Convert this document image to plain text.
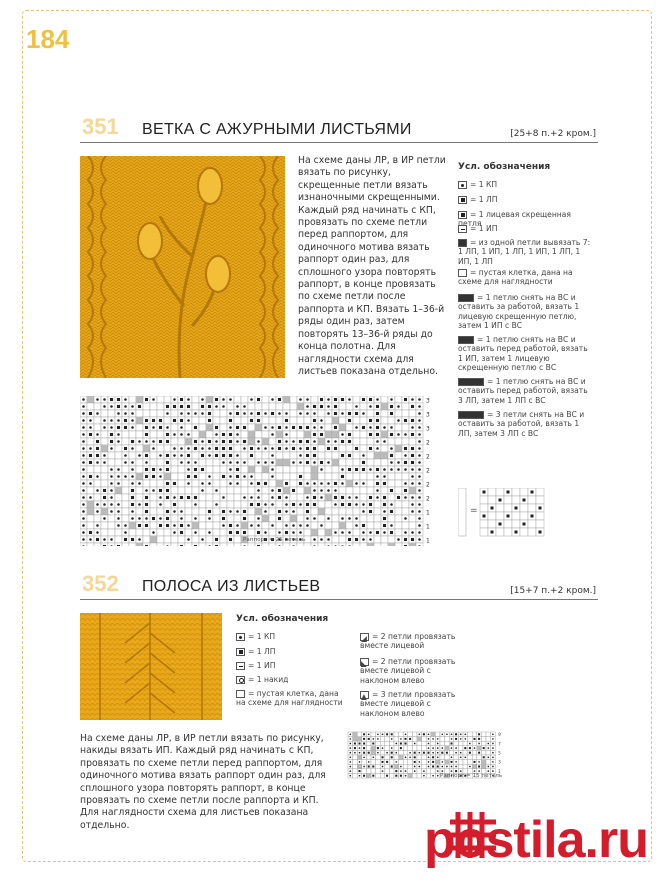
184
351 ВЕТКА С АЖУРНЫМИ ЛИСТЬЯМИ	[25+8 п.+2 кром.]

На схеме даны ЛР, в ИР петли вязать по рисунку, скрещенные петли вязать изнаночными скрещенными. Каждый ряд начинать с КП, провязать по схеме петли перед раппортом, для одиночного мотива вязать раппорт один раз, для сплошного узора повторять раппорт, в конце провязать по схеме петли после раппорта и КП. Вязать 1–36-й ряды один раз, затем повторять 13–36-й ряды до конца полотна. Для наглядности схема для листьев показана отдельно.

Усл. обозначения
= 1 КП
= 1 ЛП
= 1 лицевая скрещенная петля
= 1 ИП
= из одной петли вывязать 7: 1 ЛП, 1 ИП, 1 ЛП, 1 ИП, 1 ЛП, 1 ИП, 1 ЛП
= пустая клетка, дана на схеме для наглядности
= 1 петлю снять на ВС и оставить за работой, вязать 1 лицевую скрещенную петлю, затем 1 ИП с ВС
= 1 петлю снять на ВС и оставить перед работой, вязать 1 ИП, затем 1 лицевую скрещенную петлю с ВС
= 1 петлю снять на ВС и оставить перед работой, вязать 3 ЛП, затем 1 ЛП с ВС
= 3 петли снять на ВС и оставить за работой, вязать 1 ЛП, затем 3 ЛП с ВС
3
3
3
2
2
2
2
2
1
1
1
Раппорт = 25 петель
=
352 ПОЛОСА ИЗ ЛИСТЬЕВ	[15+7 п.+2 кром.]
Усл. обозначения
= 1 КП
= 1 ЛП
= 1 ИП
= 1 накид
= пустая клетка, дана на схеме для наглядности
◢ = 2 петли провязать вместе лицевой
◣ = 2 петли провязать вместе лицевой с наклоном влево
▲ = 3 петли провязать вместе лицевой с наклоном влево

На схеме даны ЛР, в ИР петли вязать по рисунку, накиды вязать ИП. Каждый ряд начинать с КП, провязать по схеме петли перед раппортом, для одиночного мотива вязать раппорт один раз, для сплошного узора повторять раппорт, в конце провязать по схеме петли после раппорта и КП. Для наглядности схема для листьев показана отдельно.

9
7
5
3
1
Раппорт = 15 петель
postila.ru
